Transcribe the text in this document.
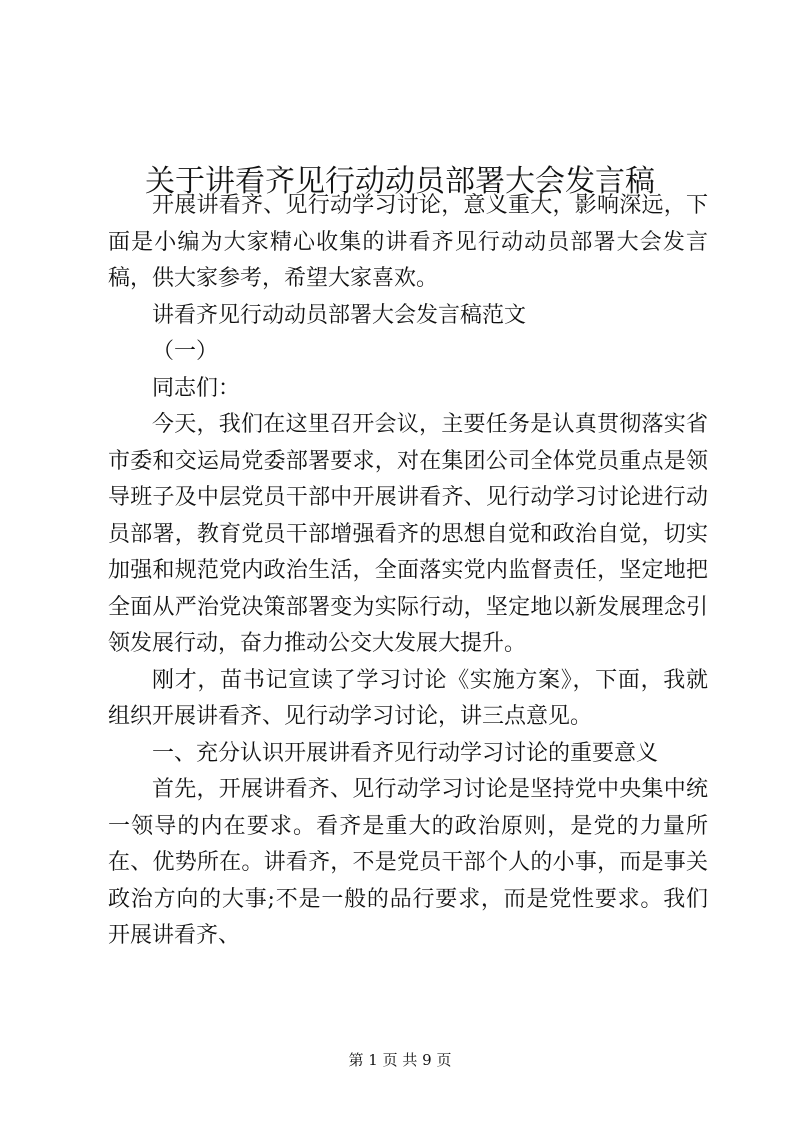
关于讲看齐见行动动员部署大会发言稿

开展讲看齐、见行动学习讨论，意义重大，影响深远，下面是小编为大家精心收集的讲看齐见行动动员部署大会发言稿，供大家参考，希望大家喜欢。

讲看齐见行动动员部署大会发言稿范文

（一）

同志们：

今天，我们在这里召开会议，主要任务是认真贯彻落实省市委和交运局党委部署要求，对在集团公司全体党员重点是领导班子及中层党员干部中开展讲看齐、见行动学习讨论进行动员部署，教育党员干部增强看齐的思想自觉和政治自觉，切实加强和规范党内政治生活，全面落实党内监督责任，坚定地把全面从严治党决策部署变为实际行动，坚定地以新发展理念引领发展行动，奋力推动公交大发展大提升。

刚才，苗书记宣读了学习讨论《实施方案》，下面，我就组织开展讲看齐、见行动学习讨论，讲三点意见。

一、充分认识开展讲看齐见行动学习讨论的重要意义

首先，开展讲看齐、见行动学习讨论是坚持党中央集中统一领导的内在要求。看齐是重大的政治原则，是党的力量所在、优势所在。讲看齐，不是党员干部个人的小事，而是事关政治方向的大事;不是一般的品行要求，而是党性要求。我们开展讲看齐、

第 1 页 共 9 页
